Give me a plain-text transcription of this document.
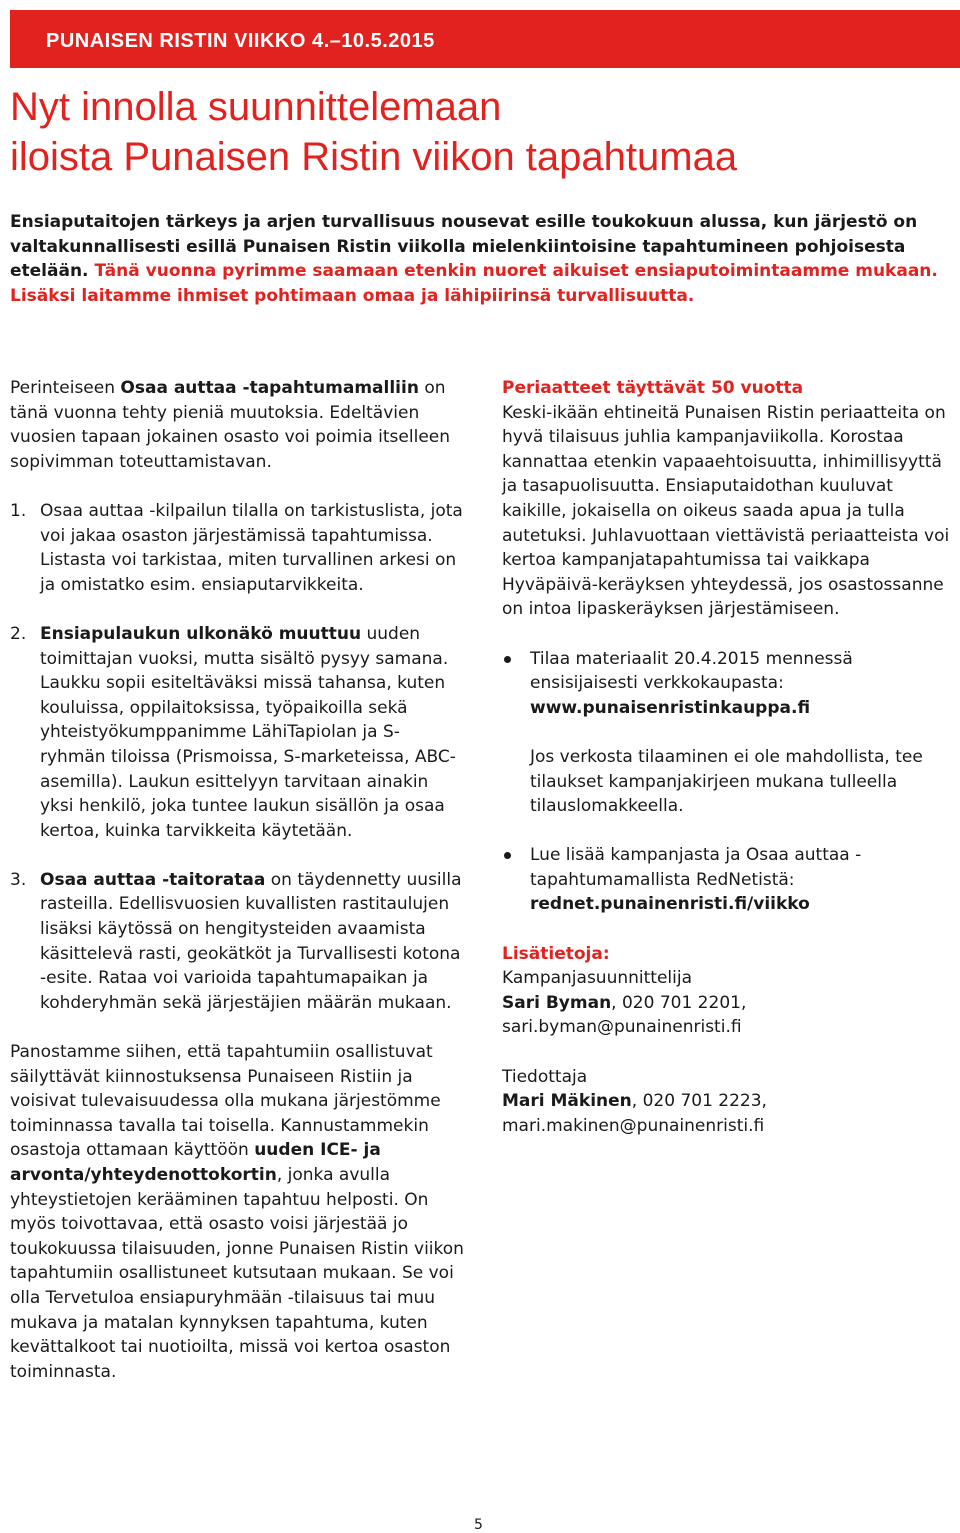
PUNAISEN RISTIN VIIKKO 4.–10.5.2015
Nyt innolla suunnittelemaan
iloista Punaisen Ristin viikon tapahtumaa

Ensiaputaitojen tärkeys ja arjen turvallisuus nousevat esille toukokuun alussa, kun järjestö on valtakunnallisesti esillä Punaisen Ristin viikolla mielenkiintoisine tapahtumineen pohjoisesta etelään. Tänä vuonna pyrimme saamaan etenkin nuoret aikuiset ensiaputoimintaamme mukaan. Lisäksi laitamme ihmiset pohtimaan omaa ja lähipiirinsä turvallisuutta.

Perinteiseen Osaa auttaa -tapahtumamalliin on tänä vuonna tehty pieniä muutoksia. Edeltävien vuosien tapaan jokainen osasto voi poimia itselleen sopivimman toteuttamistavan.

1. Osaa auttaa -kilpailun tilalla on tarkistuslista, jota voi jakaa osaston järjestämissä tapahtumissa. Listasta voi tarkistaa, miten turvallinen arkesi on ja omistatko esim. ensiaputarvikkeita.
2. Ensiapulaukun ulkonäkö muuttuu uuden toimittajan vuoksi, mutta sisältö pysyy samana. Laukku sopii esiteltäväksi missä tahansa, kuten kouluissa, oppilaitoksissa, työpaikoilla sekä yhteistyökumppanimme LähiTapiolan ja S-ryhmän tiloissa (Prismoissa, S-marketeissa, ABC-asemilla). Laukun esittelyyn tarvitaan ainakin yksi henkilö, joka tuntee laukun sisällön ja osaa kertoa, kuinka tarvikkeita käytetään.
3. Osaa auttaa -taitorataa on täydennetty uusilla rasteilla. Edellisvuosien kuvallisten rastitaulujen lisäksi käytössä on hengitysteiden avaamista käsittelevä rasti, geokätköt ja Turvallisesti kotona -esite. Rataa voi varioida tapahtumapaikan ja kohderyhmän sekä järjestäjien määrän mukaan.

Panostamme siihen, että tapahtumiin osallistuvat säilyttävät kiinnostuksensa Punaiseen Ristiin ja voisivat tulevaisuudessa olla mukana järjestömme toiminnassa tavalla tai toisella. Kannustammekin osastoja ottamaan käyttöön uuden ICE- ja arvonta/yhteydenottokortin, jonka avulla yhteystietojen kerääminen tapahtuu helposti. On myös toivottavaa, että osasto voisi järjestää jo toukokuussa tilaisuuden, jonne Punaisen Ristin viikon tapahtumiin osallistuneet kutsutaan mukaan. Se voi olla Tervetuloa ensiapuryhmään -tilaisuus tai muu mukava ja matalan kynnyksen tapahtuma, kuten kevättalkoot tai nuotioilta, missä voi kertoa osaston toiminnasta.

Periaatteet täyttävät 50 vuotta

Keski-ikään ehtineitä Punaisen Ristin periaatteita on hyvä tilaisuus juhlia kampanjaviikolla. Korostaa kannattaa etenkin vapaaehtoisuutta, inhimillisyyttä ja tasapuolisuutta. Ensiaputaidothan kuuluvat kaikille, jokaisella on oikeus saada apua ja tulla autetuksi. Juhlavuottaan viettävistä periaatteista voi kertoa kampanjatapahtumissa tai vaikkapa Hyväpäivä-keräyksen yhteydessä, jos osastossanne on intoa lipaskeräyksen järjestämiseen.

Tilaa materiaalit 20.4.2015 mennessä ensisijaisesti verkkokaupasta:
www.punaisenristinkauppa.fi

Jos verkosta tilaaminen ei ole mahdollista, tee tilaukset kampanjakirjeen mukana tulleella tilauslomakkeella.

Lue lisää kampanjasta ja Osaa auttaa -tapahtumamallista RedNetistä:
rednet.punainenristi.fi/viikko

Lisätietoja:

Kampanjasuunnittelija
Sari Byman, 020 701 2201,
sari.byman@punainenristi.fi

Tiedottaja
Mari Mäkinen, 020 701 2223,
mari.makinen@punainenristi.fi

5
